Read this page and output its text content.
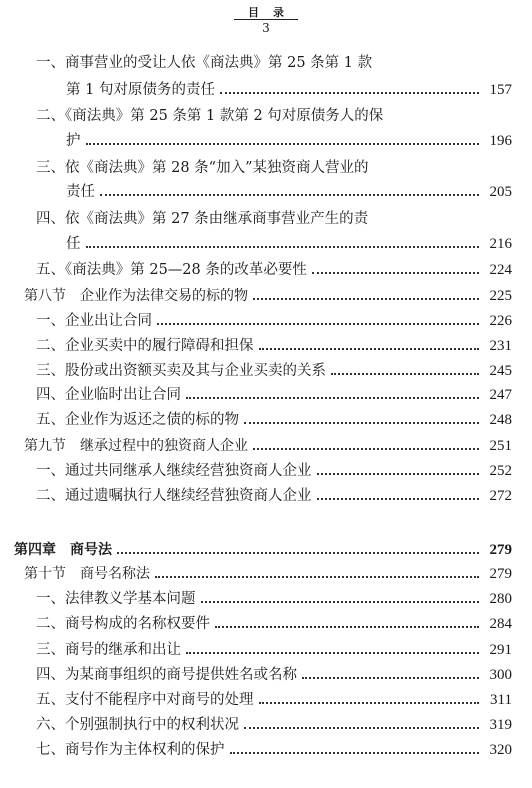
目录
3
一、商事营业的受让人依《商法典》第 25 条第 1 款
第 1 句对原债务的责任	157
二、《商法典》第 25 条第 1 款第 2 句对原债务人的保
护	196
三、依《商法典》第 28 条“加入”某独资商人营业的
责任	205
四、依《商法典》第 27 条由继承商事营业产生的责
任	216
五、《商法典》第 25—28 条的改革必要性	224
第八节　企业作为法律交易的标的物	225
一、企业出让合同	226
二、企业买卖中的履行障碍和担保	231
三、股份或出资额买卖及其与企业买卖的关系	245
四、企业临时出让合同	247
五、企业作为返还之债的标的物	248
第九节　继承过程中的独资商人企业	251
一、通过共同继承人继续经营独资商人企业	252
二、通过遗嘱执行人继续经营独资商人企业	272
第四章　商号法	279
第十节　商号名称法	279
一、法律教义学基本问题	280
二、商号构成的名称权要件	284
三、商号的继承和出让	291
四、为某商事组织的商号提供姓名或名称	300
五、支付不能程序中对商号的处理	311
六、个别强制执行中的权利状况	319
七、商号作为主体权利的保护	320
